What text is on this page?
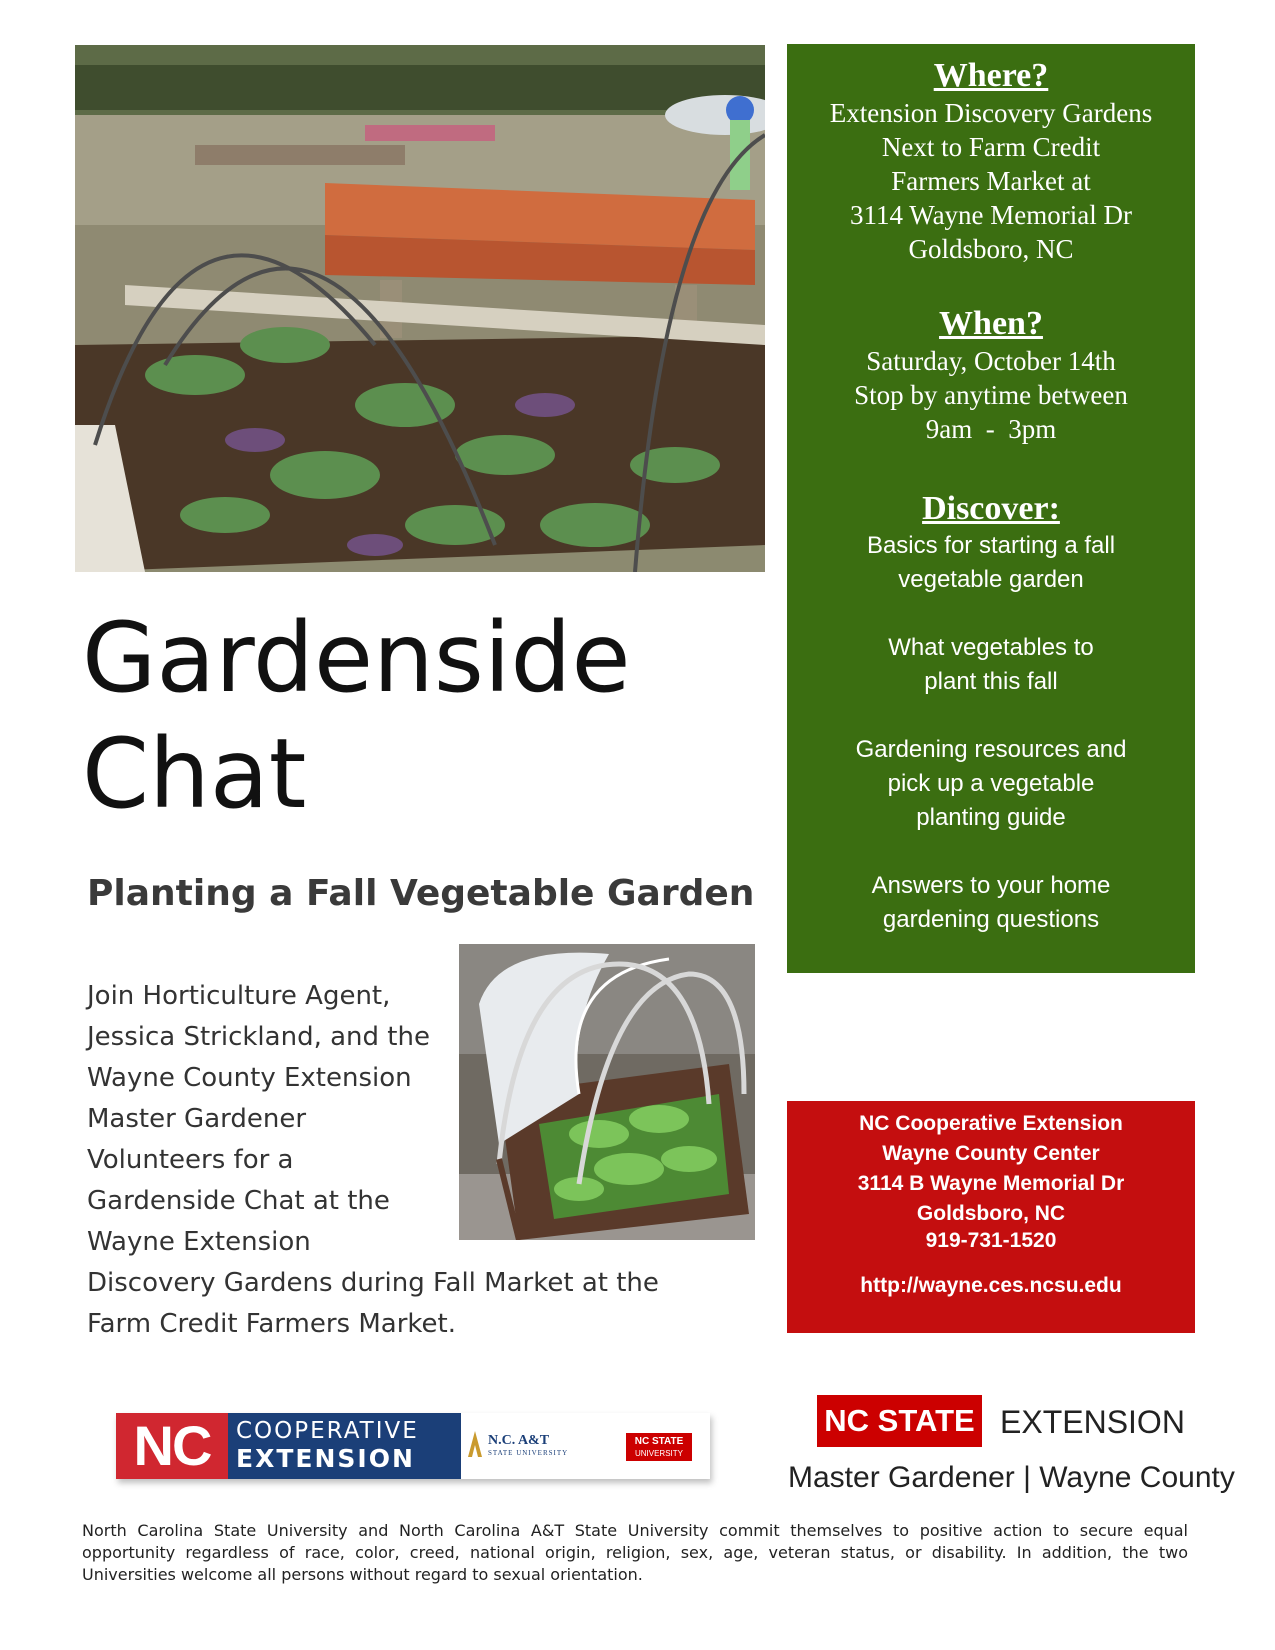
Where?

Extension Discovery Gardens

Next to Farm Credit

Farmers Market at

3114 Wayne Memorial Dr

Goldsboro, NC

When?

Saturday, October 14th

Stop by anytime between

9am  -  3pm

Discover:

Basics for starting a fall

vegetable garden

What vegetables to

plant this fall

Gardening resources and

pick up a vegetable

planting guide

Answers to your home

gardening questions

Gardenside
Chat
Planting a Fall Vegetable Garden
Join Horticulture Agent,
Jessica Strickland, and the
Wayne County Extension
Master Gardener
Volunteers for a
Gardenside Chat at the
Wayne Extension
Discovery Gardens during Fall Market at the
Farm Credit Farmers Market.

NC Cooperative Extension

Wayne County Center

3114 B Wayne Memorial Dr

Goldsboro, NC

919-731-1520

http://wayne.ces.ncsu.edu

NC	COOPERATIVE
EXTENSION
N.C. A&T
STATE UNIVERSITY
NC STATE
UNIVERSITY
NC STATE EXTENSION
Master Gardener | Wayne County
North Carolina State University and North Carolina A&T State University commit themselves to positive action to secure equal opportunity regardless of race, color, creed, national origin, religion, sex, age, veteran status, or disability. In addition, the two Universities welcome all persons without regard to sexual orientation.
